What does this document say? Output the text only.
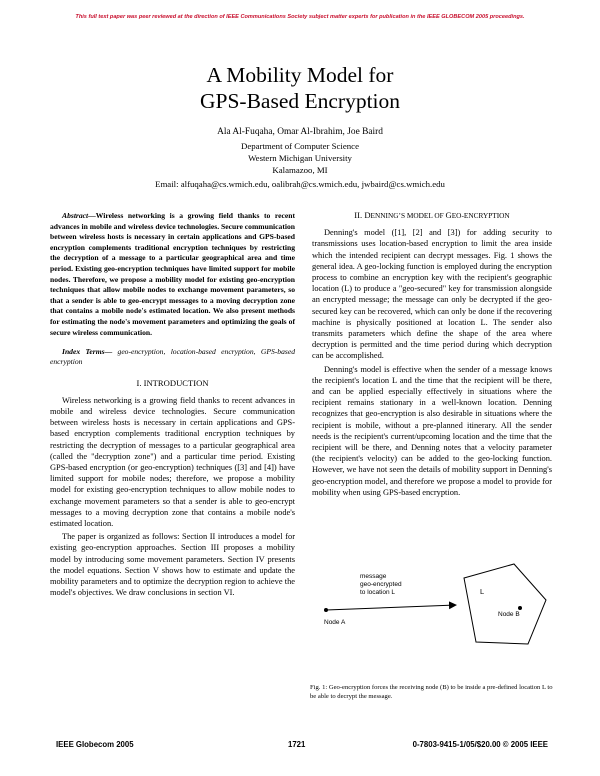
This full text paper was peer reviewed at the direction of IEEE Communications Society subject matter experts for publication in the IEEE GLOBECOM 2005 proceedings.
A Mobility Model for
GPS-Based Encryption
Ala Al-Fuqaha, Omar Al-Ibrahim, Joe Baird
Department of Computer Science
Western Michigan University
Kalamazoo, MI
Email: alfuqaha@cs.wmich.edu, oalibrah@cs.wmich.edu, jwbaird@cs.wmich.edu

Abstract—Wireless networking is a growing field thanks to recent advances in mobile and wireless device technologies. Secure communication between wireless hosts is necessary in certain applications and GPS-based encryption complements traditional encryption techniques by restricting the decryption of a message to a particular geographical area and time period. Existing geo-encryption techniques have limited support for mobile nodes. Therefore, we propose a mobility model for existing geo-encryption techniques that allow mobile nodes to exchange movement parameters, so that a sender is able to geo-encrypt messages to a moving decryption zone that contains a mobile node's estimated location. We also present methods for estimating the node's movement parameters and optimizing the goals of secure wireless communication.

Index Terms— geo-encryption, location-based encryption, GPS-based encryption

I. INTRODUCTION

Wireless networking is a growing field thanks to recent advances in mobile and wireless device technologies. Secure communication between wireless hosts is necessary in certain applications and GPS-based encryption complements traditional encryption techniques by restricting the decryption of messages to a particular geographical area (called the "decryption zone") and a particular time period. Existing GPS-based encryption (or geo-encryption) techniques ([3] and [4]) have limited support for mobile nodes; therefore, we propose a mobility model for existing geo-encryption techniques to allow mobile nodes to exchange movement parameters so that a sender is able to geo-encrypt messages to a moving decryption zone that contains a mobile node's estimated location.

The paper is organized as follows: Section II introduces a model for existing geo-encryption approaches. Section III proposes a mobility model by introducing some movement parameters. Section IV presents the model equations. Section V shows how to estimate and update the mobility parameters and to optimize the decryption region to achieve the model's objectives. We draw conclusions in section VI.

II. DENNING’S MODEL OF GEO-ENCRYPTION

Denning's model ([1], [2] and [3]) for adding security to transmissions uses location-based encryption to limit the area inside which the intended recipient can decrypt messages. Fig. 1 shows the general idea. A geo-locking function is employed during the encryption process to combine an encryption key with the recipient's geographic location (L) to produce a "geo-secured" key for transmission alongside an encrypted message; the message can only be decrypted if the geo-secured key can be recovered, which can only be done if the recovering machine is physically positioned at location L. The sender also transmits parameters which define the shape of the area where decryption is permitted and the time period during which decryption can be accomplished.

Denning's model is effective when the sender of a message knows the recipient's location L and the time that the recipient will be there, and can be applied especially effectively in situations where the recipient remains stationary in a well-known location. Denning recognizes that geo-encryption is also desirable in situations where the recipient is mobile, without a pre-planned itinerary. All the sender needs is the recipient's current/upcoming location and the time that the recipient will be there, and Denning notes that a velocity parameter (the recipient's velocity) can be added to the geo-locking function. However, we have not seen the details of mobility support in Denning's geo-encryption model, and therefore we propose a model to provide for mobility when using GPS-based encryption.

Node A
message
geo-encrypted
to location L	L
Node B
Fig. 1: Geo-encryption forces the receiving node (B) to be inside a pre-defined location L to be able to decrypt the message.
IEEE Globecom 2005	1721	0-7803-9415-1/05/$20.00 © 2005 IEEE
